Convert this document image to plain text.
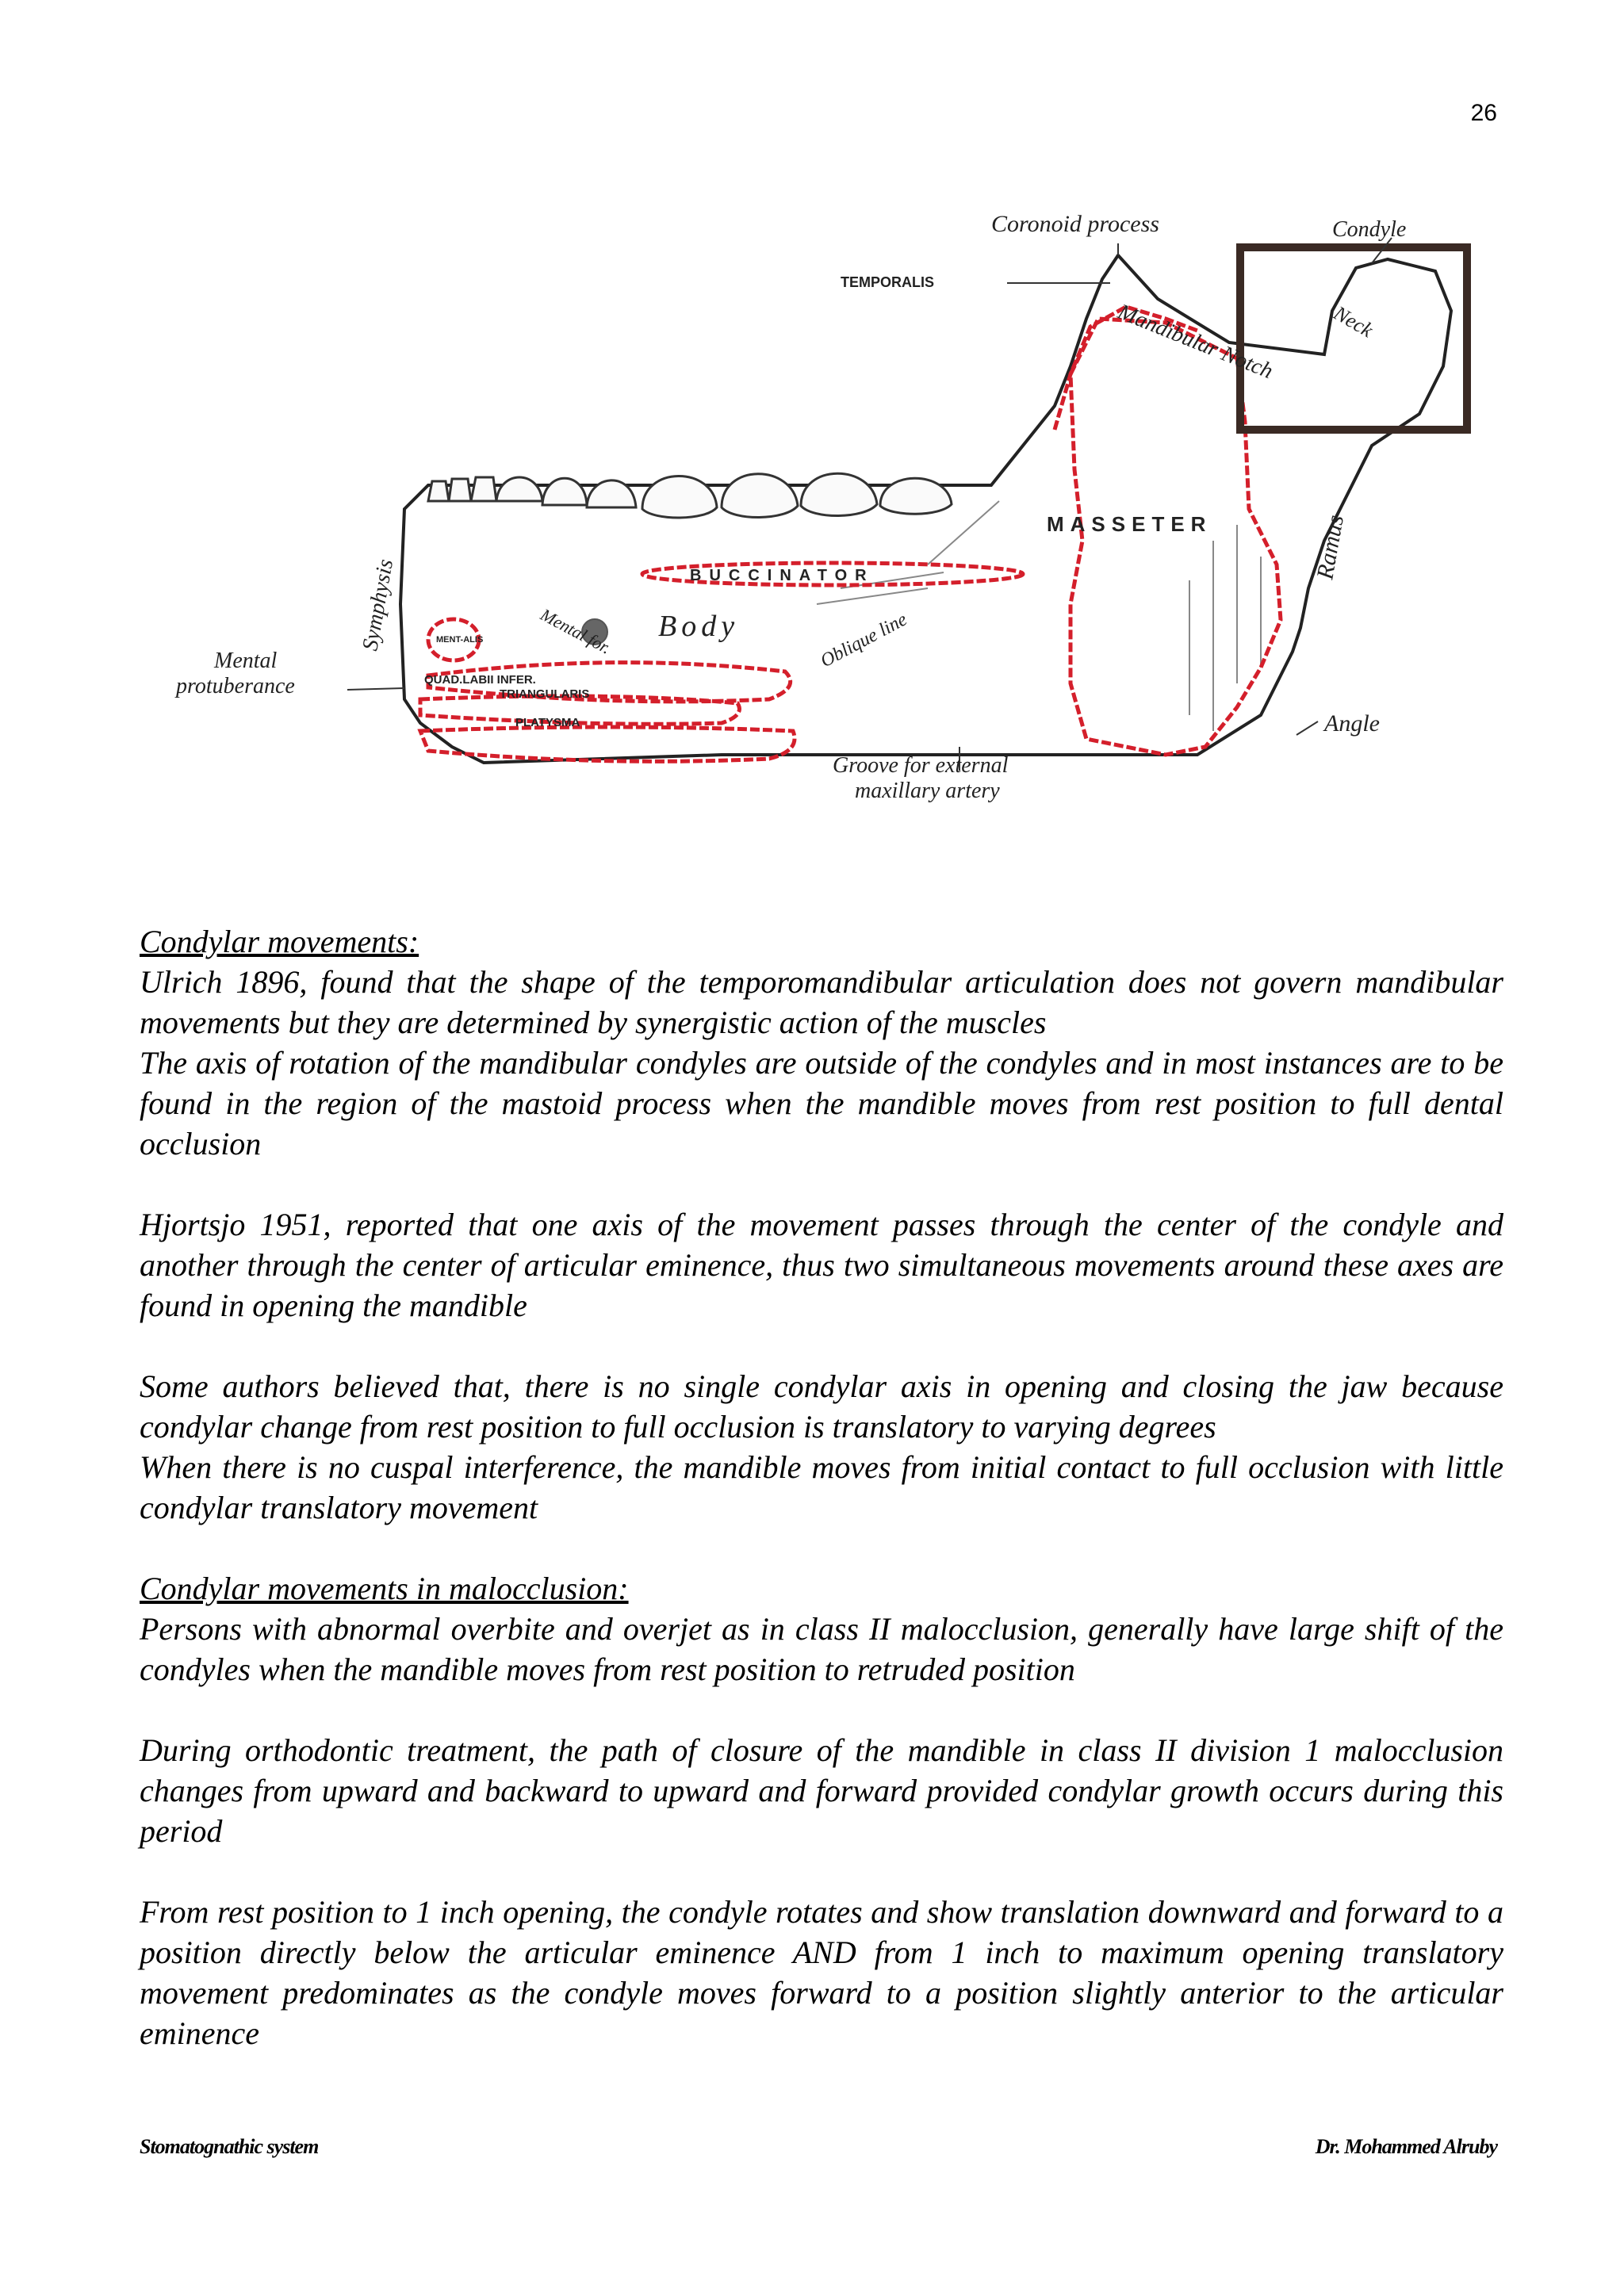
26
Coronoid process	Condyle
TEMPORALIS
Mandibular Notch	Neck
MASSETER	Ramus
BUCCINATOR
Body	Oblique line
Symphysis	MENT-ALIS	Mental for.
Mental
protuberance	QUAD.LABII INFER.
TRIANGULARIS
PLATYSMA	Angle
Groove for external
maxillary artery

Condylar movements:

Ulrich 1896, found that the shape of the temporomandibular articulation does not govern mandibular movements but they are determined by synergistic action of the muscles

The axis of rotation of the mandibular condyles are outside of the condyles and in most instances are to be found in the region of the mastoid process when the mandible moves from rest position to full dental occlusion

Hjortsjo 1951, reported that one axis of the movement passes through the center of the condyle and another through the center of articular eminence, thus two simultaneous movements around these axes are found in opening the mandible

Some authors believed that, there is no single condylar axis in opening and closing the jaw because condylar change from rest position to full occlusion is translatory to varying degrees

When there is no cuspal interference, the mandible moves from initial contact to full occlusion with little condylar translatory movement

Condylar movements in malocclusion:

Persons with abnormal overbite and overjet as in class II malocclusion, generally have large shift of the condyles when the mandible moves from rest position to retruded position

During orthodontic treatment, the path of closure of the mandible in class II division 1 malocclusion changes from upward and backward to upward and forward provided condylar growth occurs during this period

From rest position to 1 inch opening, the condyle rotates and show translation downward and forward to a position directly below the articular eminence AND from 1 inch to maximum opening translatory movement predominates as the condyle moves forward to a position slightly anterior to the articular eminence

Stomatognathic system	Dr. Mohammed Alruby
